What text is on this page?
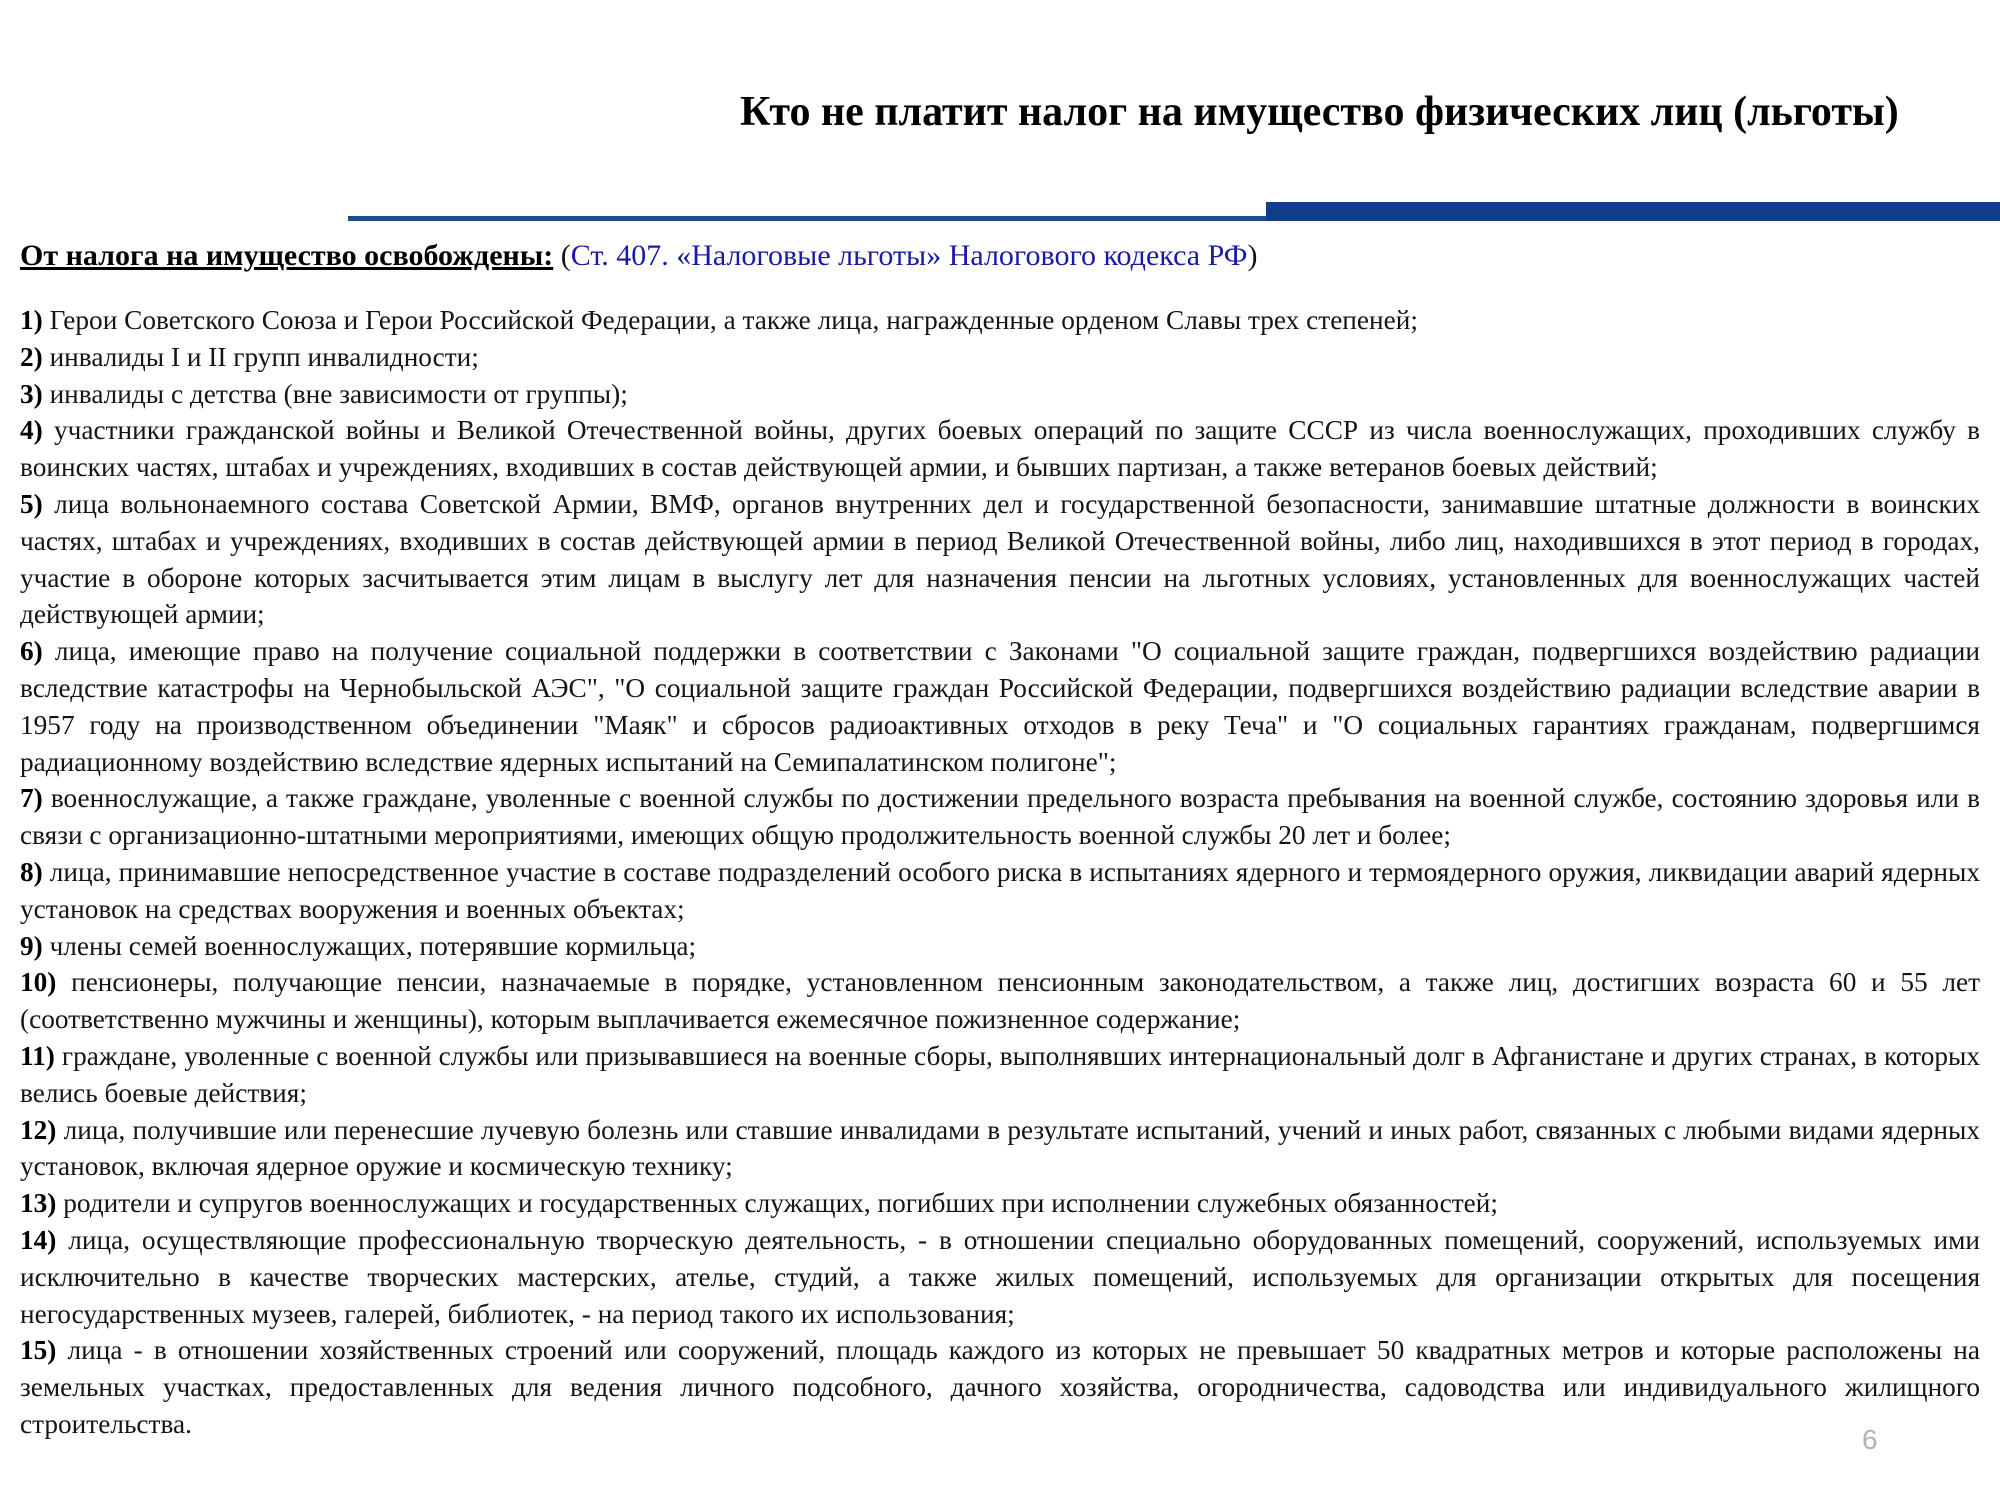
Кто не платит налог на имущество физических лиц (льготы)
От налога на имущество освобождены: (Ст. 407. «Налоговые льготы» Налогового кодекса РФ)
1) Герои Советского Союза и Герои Российской Федерации, а также лица, награжденные орденом Славы трех степеней;
2) инвалиды I и II групп инвалидности;
3) инвалиды с детства (вне зависимости от группы);
4) участники гражданской войны и Великой Отечественной войны, других боевых операций по защите СССР из числа военнослужащих, проходивших службу в воинских частях, штабах и учреждениях, входивших в состав действующей армии, и бывших партизан, а также ветеранов боевых действий;
5) лица вольнонаемного состава Советской Армии, ВМФ, органов внутренних дел и государственной безопасности, занимавшие штатные должности в воинских частях, штабах и учреждениях, входивших в состав действующей армии в период Великой Отечественной войны, либо лиц, находившихся в этот период в городах, участие в обороне которых засчитывается этим лицам в выслугу лет для назначения пенсии на льготных условиях, установленных для военнослужащих частей действующей армии;
6) лица, имеющие право на получение социальной поддержки в соответствии с Законами "О социальной защите граждан, подвергшихся воздействию радиации вследствие катастрофы на Чернобыльской АЭС", "О социальной защите граждан Российской Федерации, подвергшихся воздействию радиации вследствие аварии в 1957 году на производственном объединении "Маяк" и сбросов радиоактивных отходов в реку Теча" и "О социальных гарантиях гражданам, подвергшимся радиационному воздействию вследствие ядерных испытаний на Семипалатинском полигоне";
7) военнослужащие, а также граждане, уволенные с военной службы по достижении предельного возраста пребывания на военной службе, состоянию здоровья или в связи с организационно-штатными мероприятиями, имеющих общую продолжительность военной службы 20 лет и более;
8) лица, принимавшие непосредственное участие в составе подразделений особого риска в испытаниях ядерного и термоядерного оружия, ликвидации аварий ядерных установок на средствах вооружения и военных объектах;
9) члены семей военнослужащих, потерявшие кормильца;
10) пенсионеры, получающие пенсии, назначаемые в порядке, установленном пенсионным законодательством, а также лиц, достигших возраста 60 и 55 лет (соответственно мужчины и женщины), которым выплачивается ежемесячное пожизненное содержание;
11) граждане, уволенные с военной службы или призывавшиеся на военные сборы, выполнявших интернациональный долг в Афганистане и других странах, в которых велись боевые действия;
12) лица, получившие или перенесшие лучевую болезнь или ставшие инвалидами в результате испытаний, учений и иных работ, связанных с любыми видами ядерных установок, включая ядерное оружие и космическую технику;
13) родители и супругов военнослужащих и государственных служащих, погибших при исполнении служебных обязанностей;
14) лица, осуществляющие профессиональную творческую деятельность, - в отношении специально оборудованных помещений, сооружений, используемых ими исключительно в качестве творческих мастерских, ателье, студий, а также жилых помещений, используемых для организации открытых для посещения негосударственных музеев, галерей, библиотек, - на период такого их использования;
15) лица - в отношении хозяйственных строений или сооружений, площадь каждого из которых не превышает 50 квадратных метров и которые расположены на земельных участках, предоставленных для ведения личного подсобного, дачного хозяйства, огородничества, садоводства или индивидуального жилищного строительства.
6
